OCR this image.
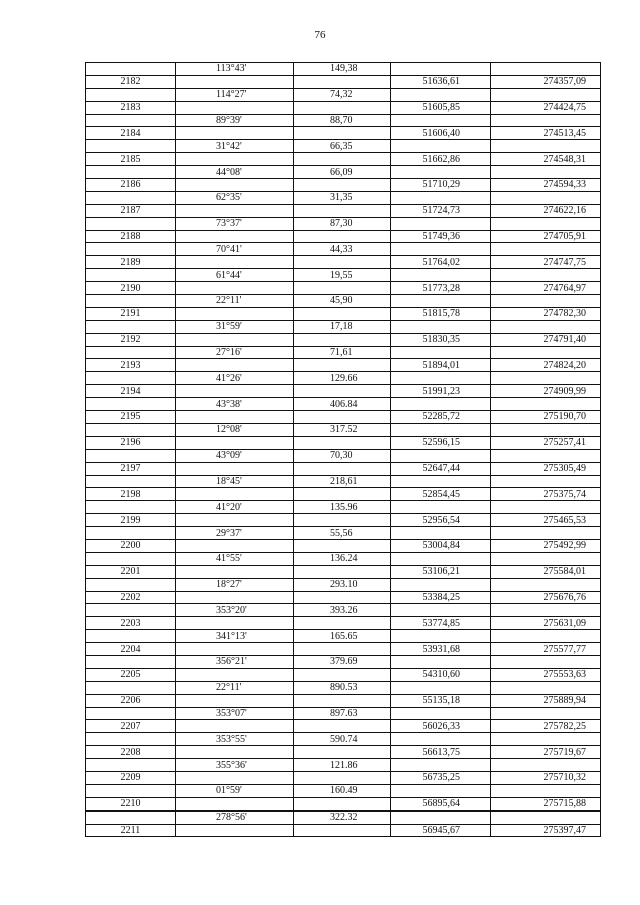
76
	113°43'	149,38		
2182			51636,61	274357,09
	114°27'	74,32		
2183			51605,85	274424,75
	89°39'	88,70		
2184			51606,40	274513,45
	31°42'	66,35		
2185			51662,86	274548,31
	44°08'	66,09		
2186			51710,29	274594,33
	62°35'	31,35		
2187			51724,73	274622,16
	73°37'	87,30		
2188			51749,36	274705,91
	70°41'	44,33		
2189			51764,02	274747,75
	61°44'	19,55		
2190			51773,28	274764,97
	22°11'	45,90		
2191			51815,78	274782,30
	31°59'	17,18		
2192			51830,35	274791,40
	27°16'	71,61		
2193			51894,01	274824,20
	41°26'	129.66		
2194			51991,23	274909,99
	43°38'	406.84		
2195			52285,72	275190,70
	12°08'	317.52		
2196			52596,15	275257,41
	43°09'	70,30		
2197			52647,44	275305,49
	18°45'	218,61		
2198			52854,45	275375,74
	41°20'	135.96		
2199			52956,54	275465,53
	29°37'	55,56		
2200			53004,84	275492,99
	41°55'	136.24		
2201			53106,21	275584,01
	18°27'	293.10		
2202			53384,25	275676,76
	353°20'	393.26		
2203			53774,85	275631,09
	341°13'	165.65		
2204			53931,68	275577,77
	356°21'	379.69		
2205			54310,60	275553,63
	22°11'	890.53		
2206			55135,18	275889,94
	353°07'	897.63		
2207			56026,33	275782,25
	353°55'	590.74		
2208			56613,75	275719,67
	355°36'	121.86		
2209			56735,25	275710,32
	01°59'	160.49		
2210			56895,64	275715,88
	278°56'	322.32		
2211			56945,67	275397,47
